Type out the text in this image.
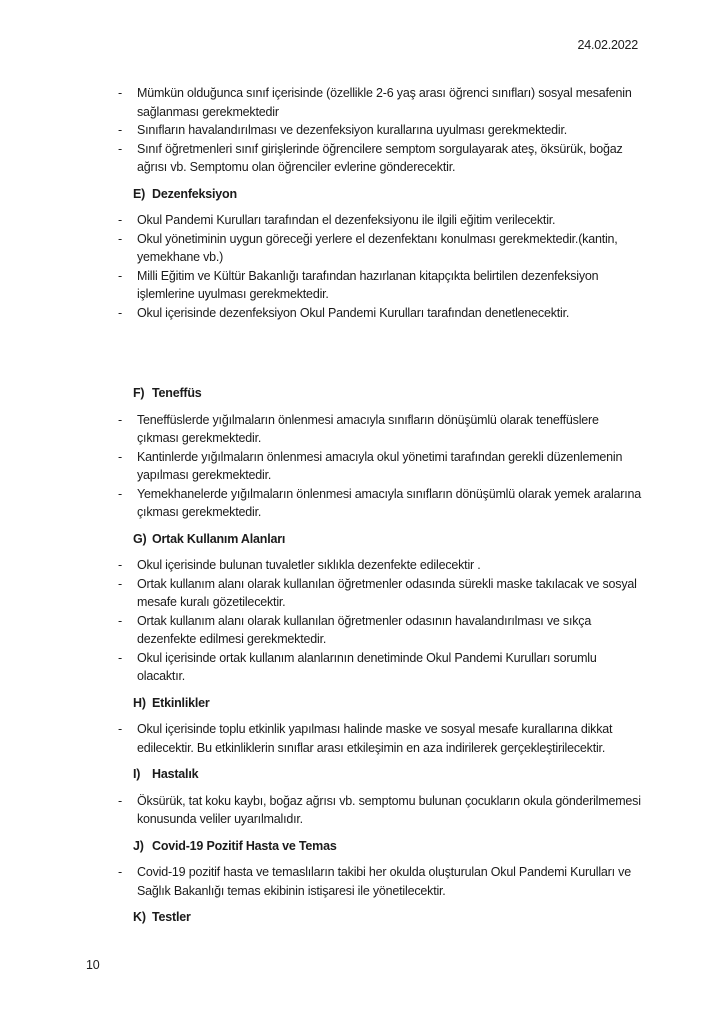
24.02.2022
-	Mümkün olduğunca sınıf içerisinde (özellikle 2-6 yaş arası öğrenci sınıfları) sosyal mesafenin sağlanması gerekmektedir
-	Sınıfların havalandırılması ve dezenfeksiyon kurallarına uyulması gerekmektedir.
-	Sınıf öğretmenleri sınıf girişlerinde öğrencilere semptom sorgulayarak ateş, öksürük, boğaz ağrısı vb. Semptomu olan öğrenciler evlerine gönderecektir.
E) Dezenfeksiyon
-	Okul Pandemi Kurulları tarafından el dezenfeksiyonu ile ilgili eğitim verilecektir.
-	Okul yönetiminin uygun göreceği yerlere el dezenfektanı konulması gerekmektedir.(kantin, yemekhane vb.)
-	Milli Eğitim ve Kültür Bakanlığı tarafından hazırlanan kitapçıkta belirtilen dezenfeksiyon işlemlerine uyulması gerekmektedir.
-	Okul içerisinde dezenfeksiyon Okul Pandemi Kurulları tarafından denetlenecektir.
F) Teneffüs
-	Teneffüslerde yığılmaların önlenmesi amacıyla sınıfların dönüşümlü olarak teneffüslere çıkması gerekmektedir.
-	Kantinlerde yığılmaların önlenmesi amacıyla okul yönetimi tarafından gerekli düzenlemenin yapılması gerekmektedir.
-	Yemekhanelerde yığılmaların önlenmesi amacıyla sınıfların dönüşümlü olarak yemek aralarına çıkması gerekmektedir.
G) Ortak Kullanım Alanları
-	Okul içerisinde bulunan tuvaletler sıklıkla dezenfekte edilecektir .
-	Ortak kullanım alanı olarak kullanılan öğretmenler odasında sürekli maske takılacak ve sosyal mesafe kuralı gözetilecektir.
-	Ortak kullanım alanı olarak kullanılan öğretmenler odasının havalandırılması ve sıkça dezenfekte edilmesi gerekmektedir.
-	Okul içerisinde ortak kullanım alanlarının denetiminde Okul Pandemi Kurulları sorumlu olacaktır.
H) Etkinlikler
-	Okul içerisinde toplu etkinlik yapılması halinde maske ve sosyal mesafe kurallarına dikkat edilecektir. Bu etkinliklerin sınıflar arası etkileşimin en aza indirilerek gerçekleştirilecektir.
I) Hastalık
-	Öksürük, tat koku kaybı, boğaz ağrısı vb. semptomu bulunan çocukların okula gönderilmemesi konusunda veliler uyarılmalıdır.
J) Covid-19 Pozitif Hasta ve Temas
-	Covid-19 pozitif hasta ve temaslıların takibi her okulda oluşturulan Okul Pandemi Kurulları ve Sağlık Bakanlığı temas ekibinin istişaresi ile yönetilecektir.
K) Testler
10
